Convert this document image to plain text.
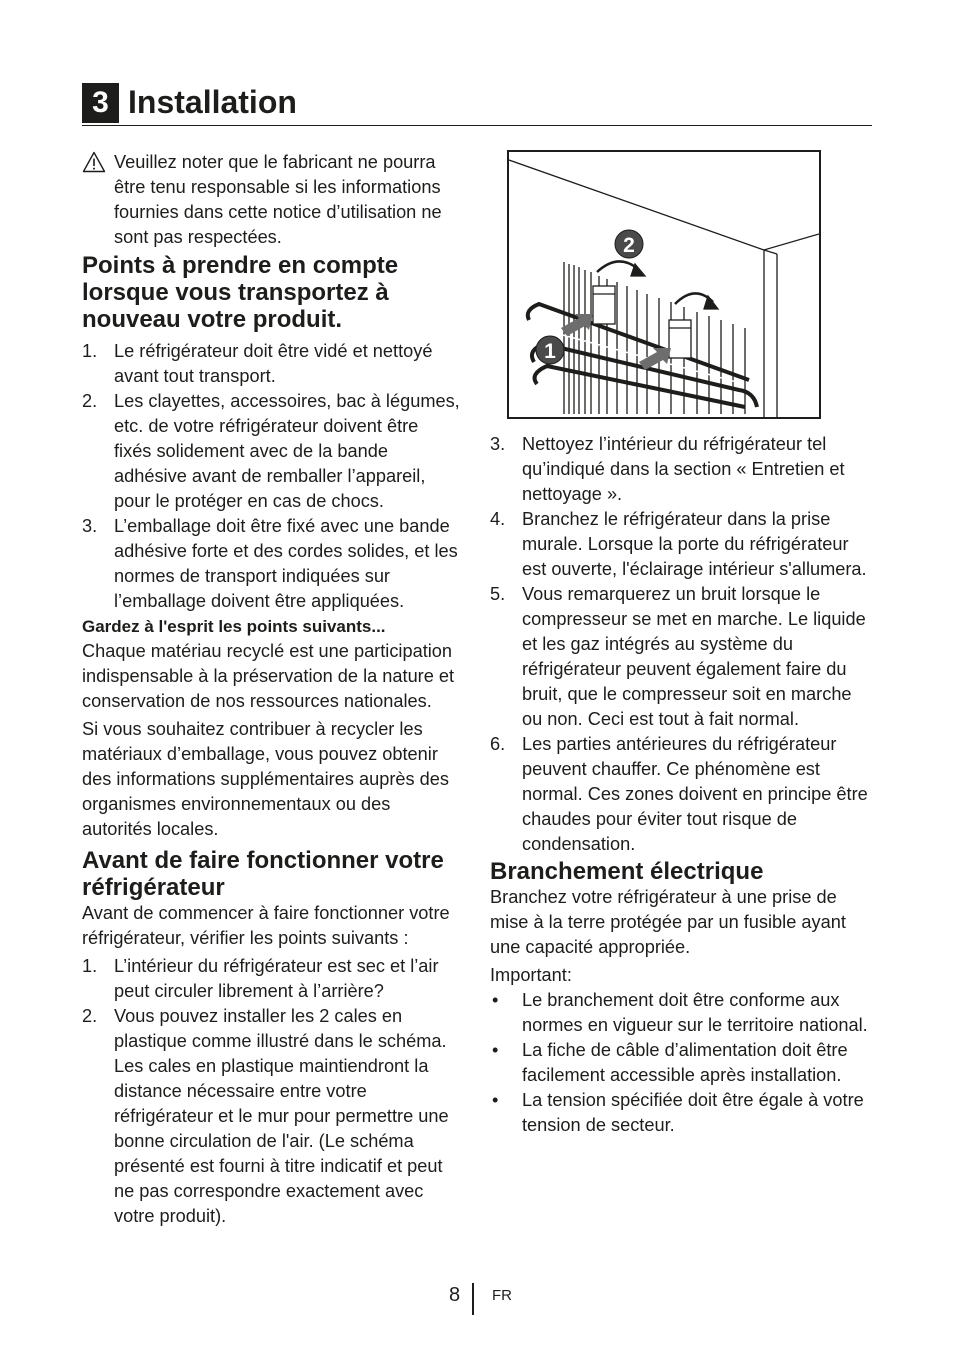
3 Installation

Veuillez noter que le fabricant ne pourra être tenu responsable si les informations fournies dans cette notice d’utilisation ne sont pas respectées.

Points à prendre en compte lorsque vous transportez à nouveau votre produit.
1. Le réfrigérateur doit être vidé et nettoyé avant tout transport.
2. Les clayettes, accessoires, bac à légumes, etc. de votre réfrigérateur doivent être fixés solidement avec de la bande adhésive avant de remballer l’appareil, pour le protéger en cas de chocs.
3. L’emballage doit être fixé avec une bande adhésive forte et des cordes solides, et les normes de transport indiquées sur l’emballage doivent être appliquées.

Gardez à l'esprit les points suivants...

Chaque matériau recyclé est une participation indispensable à la préservation de la nature et conservation de nos ressources nationales.

Si vous souhaitez contribuer à recycler les matériaux d’emballage, vous pouvez obtenir des informations supplémentaires auprès des organismes environnementaux ou des autorités locales.

Avant de faire fonctionner votre réfrigérateur

Avant de commencer à faire fonctionner votre réfrigérateur, vérifier les points suivants :

1. L’intérieur du réfrigérateur est sec et l’air peut circuler librement à l’arrière?
2. Vous pouvez installer les 2 cales en plastique comme illustré dans le schéma. Les cales en plastique maintiendront la distance nécessaire entre votre réfrigérateur et le mur pour permettre une bonne circulation de l'air. (Le schéma présenté est fourni à titre indicatif et peut ne pas correspondre exactement avec votre produit).
2
1
3. Nettoyez l’intérieur du réfrigérateur tel qu’indiqué dans la section « Entretien et nettoyage ».
4. Branchez le réfrigérateur dans la prise murale. Lorsque la porte du réfrigérateur est ouverte, l'éclairage intérieur s'allumera.
5. Vous remarquerez un bruit lorsque le compresseur se met en marche. Le liquide et les gaz intégrés au système du réfrigérateur peuvent également faire du bruit, que le compresseur soit en marche ou non. Ceci est tout à fait normal.
6. Les parties antérieures du réfrigérateur peuvent chauffer. Ce phénomène est normal. Ces zones doivent en principe être chaudes pour éviter tout risque de condensation.
Branchement électrique

Branchez votre réfrigérateur à une prise de mise à la terre protégée par un fusible ayant une capacité appropriée.

Important:

• Le branchement doit être conforme aux normes en vigueur sur le territoire national.
• La fiche de câble d’alimentation doit être facilement accessible après installation.
• La tension spécifiée doit être égale à votre tension de secteur.
8 FR
